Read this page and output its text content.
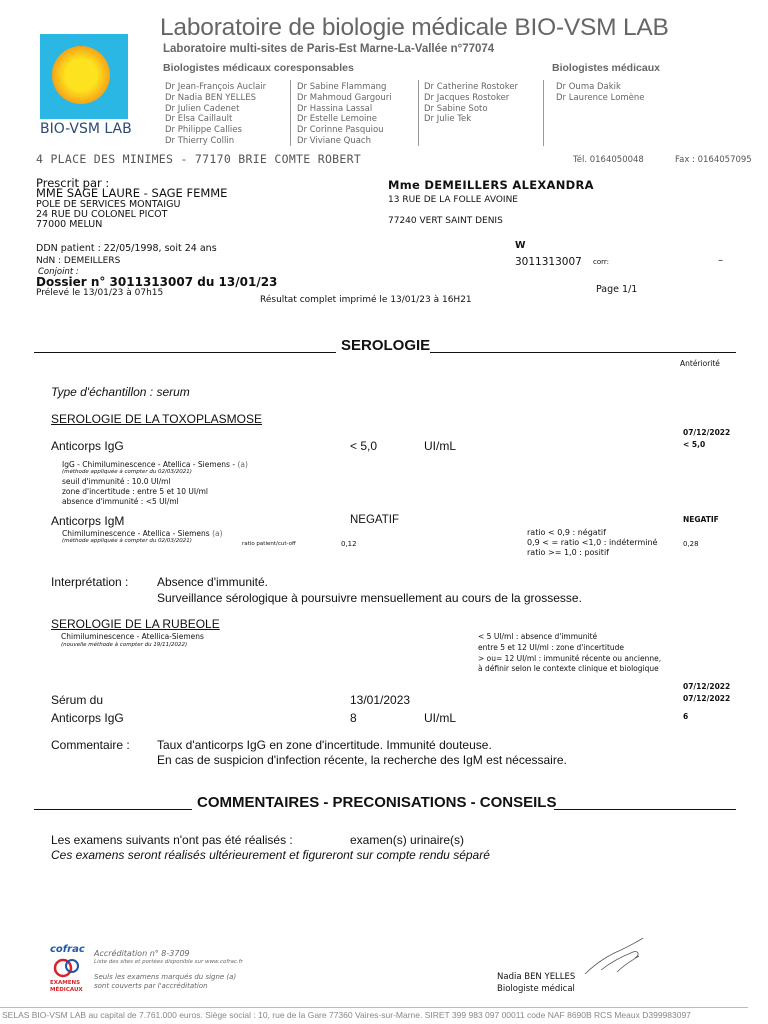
BIO-VSM LAB
Laboratoire de biologie médicale BIO-VSM LAB
Laboratoire multi-sites de Paris-Est Marne-La-Vallée n°77074
Biologistes médicaux coresponsables	Biologistes médicaux
Dr Jean-François Auclair
Dr Nadia BEN YELLES
Dr Julien Cadenet
Dr Elsa Caillault
Dr Philippe Callies
Dr Thierry Collin
Dr Sabine Flammang
Dr Mahmoud Gargouri
Dr Hassina Lassal
Dr Estelle Lemoine
Dr Corinne Pasquiou
Dr Viviane Quach
Dr Catherine Rostoker
Dr Jacques Rostoker
Dr Sabine Soto
Dr Julie Tek
Dr Ouma Dakik
Dr Laurence Lomène
4 PLACE DES MINIMES - 77170 BRIE COMTE ROBERT	Tél. 0164050048	Fax : 0164057095
Prescrit par :
MME SAGE LAURE - SAGE FEMME
POLE DE SERVICES MONTAIGU
24 RUE DU COLONEL PICOT
77000 MELUN
Mme DEMEILLERS ALEXANDRA
13 RUE DE LA FOLLE AVOINE
77240 VERT SAINT DENIS
DDN patient : 22/05/1998, soit 24 ans
NdN : DEMEILLERS
Conjoint :
W
3011313007 corr:	–
Dossier n° 3011313007 du 13/01/23
Prélevé le 13/01/23 à 07h15
Résultat complet imprimé le 13/01/23 à 16H21
Page 1/1
SEROLOGIE
Antériorité
Type d'échantillon : serum
SEROLOGIE DE LA TOXOPLASMOSE
07/12/2022
Anticorps IgG	< 5,0	UI/mL	< 5,0
IgG - Chimiluminescence - Atellica - Siemens - (a)
(méthode appliquée à compter du 02/03/2021)
seuil d'immunité : 10.0 UI/ml
zone d'incertitude : entre 5 et 10 UI/ml
absence d'immunité : <5 UI/ml
Anticorps IgM	NEGATIF	NEGATIF
Chimiluminescence - Atellica - Siemens (a)
(méthode appliquée à compter du 02/03/2021)	ratio patient/cut-off	0,12	0,28
ratio < 0,9 : négatif
0,9 < = ratio <1,0 : indéterminé
ratio >= 1,0 : positif
Interprétation : Absence d'immunité.
Surveillance sérologique à poursuivre mensuellement au cours de la grossesse.
SEROLOGIE DE LA RUBEOLE
Chimiluminescence - Atellica-Siemens
(nouvelle méthode à compter du 19/11/2022)
< 5 UI/ml : absence d'immunité
entre 5 et 12 UI/ml : zone d'incertitude
> ou= 12 UI/ml : immunité récente ou ancienne,
à définir selon le contexte clinique et biologique
07/12/2022
07/12/2022
Sérum du	13/01/2023
Anticorps IgG	8	UI/mL	6
Commentaire : Taux d'anticorps IgG en zone d'incertitude. Immunité douteuse.
En cas de suspicion d'infection récente, la recherche des IgM est nécessaire.
COMMENTAIRES - PRECONISATIONS - CONSEILS
Les examens suivants n'ont pas été réalisés :	examen(s) urinaire(s)
Ces examens seront réalisés ultérieurement et figureront sur compte rendu séparé
cofrac
EXAMENS
MÉDICAUX
Accréditation n° 8-3709
Liste des sites et portées disponible sur www.cofrac.fr
Seuls les examens marqués du signe (a)
sont couverts par l'accréditation
Nadia BEN YELLES
Biologiste médical
SELAS BIO-VSM LAB au capital de 7.761.000 euros. Siège social : 10, rue de la Gare 77360 Vaires-sur-Marne. SIRET 399 983 097 00011 code NAF 8690B RCS Meaux D399983097
